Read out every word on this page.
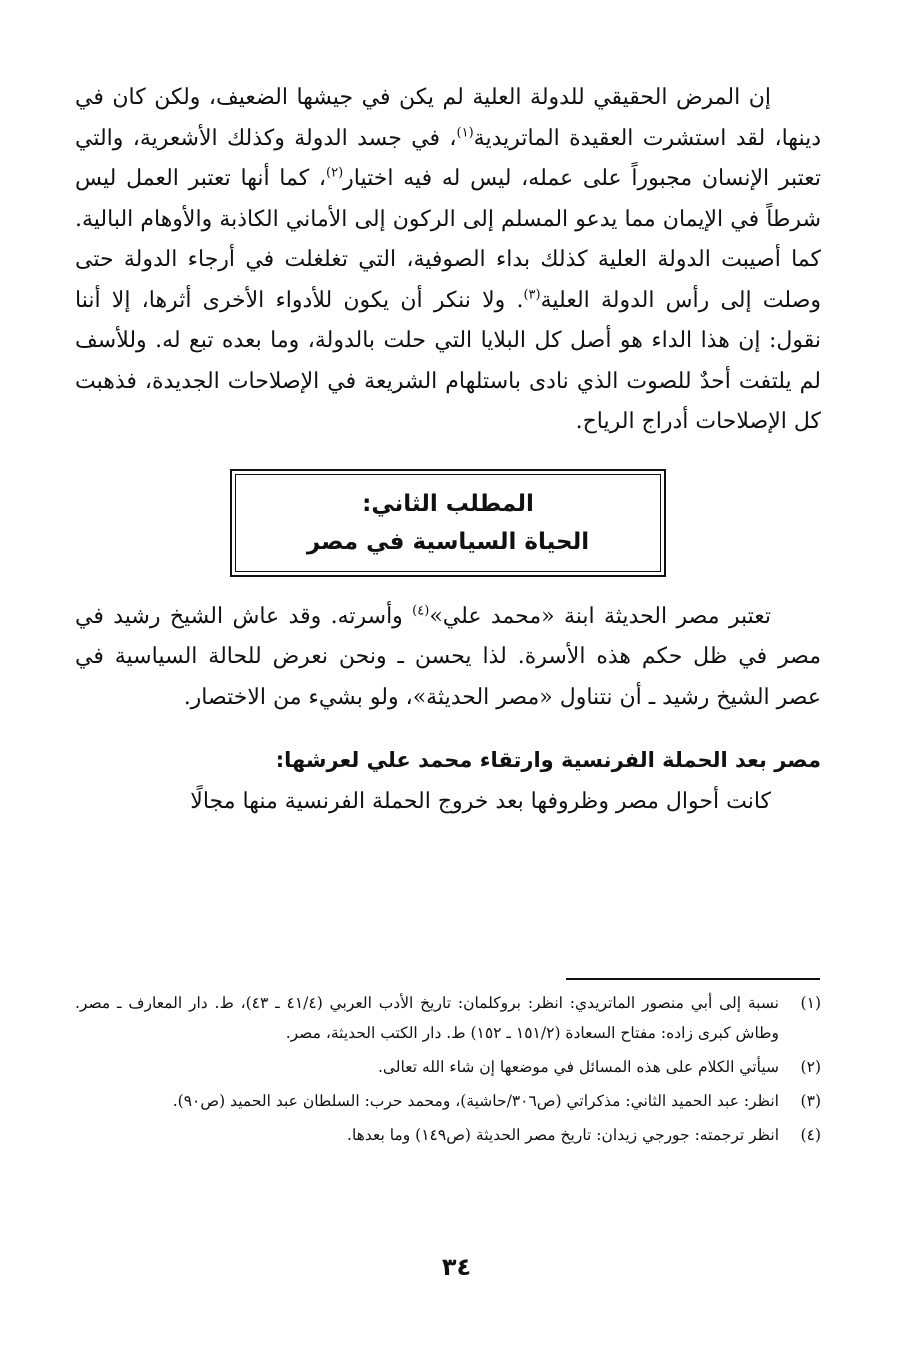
إن المرض الحقيقي للدولة العلية لم يكن في جيشها الضعيف، ولكن كان في دينها، لقد استشرت العقيدة الماتريدية$^{(١)}$، في جسد الدولة وكذلك الأشعرية، والتي تعتبر الإنسان مجبوراً على عمله، ليس له فيه اختيار$^{(٢)}$، كما أنها تعتبر العمل ليس شرطاً في الإيمان مما يدعو المسلم إلى الركون إلى الأماني الكاذبة والأوهام البالية. كما أصيبت الدولة العلية كذلك بداء الصوفية، التي تغلغلت في أرجاء الدولة حتى وصلت إلى رأس الدولة العلية$^{(٣)}$. ولا ننكر أن يكون للأدواء الأخرى أثرها، إلا أننا نقول: إن هذا الداء هو أصل كل البلايا التي حلت بالدولة، وما بعده تبع له. وللأسف لم يلتفت أحدٌ للصوت الذي نادى باستلهام الشريعة في الإصلاحات الجديدة، فذهبت كل الإصلاحات أدراج الرياح.

المطلب الثاني:
الحياة السياسية في مصر

تعتبر مصر الحديثة ابنة «محمد علي»$^{(٤)}$ وأسرته. وقد عاش الشيخ رشيد في مصر في ظل حكم هذه الأسرة. لذا يحسن ـ ونحن نعرض للحالة السياسية في عصر الشيخ رشيد ـ أن نتناول «مصر الحديثة»، ولو بشيء من الاختصار.

مصر بعد الحملة الفرنسية وارتقاء محمد علي لعرشها:

كانت أحوال مصر وظروفها بعد خروج الحملة الفرنسية منها مجالًا

(١)
نسبة إلى أبي منصور الماتريدي: انظر: بروكلمان: تاريخ الأدب العربي (٤١/٤ ـ ٤٣)، ط. دار المعارف ـ مصر. وطاش كبرى زاده: مفتاح السعادة (١٥١/٢ ـ ١٥٢) ط. دار الكتب الحديثة، مصر.
(٢)
سيأتي الكلام على هذه المسائل في موضعها إن شاء الله تعالى.
(٣)
انظر: عبد الحميد الثاني: مذكراتي (ص٣٠٦/حاشية)، ومحمد حرب: السلطان عبد الحميد (ص٩٠).
(٤)
انظر ترجمته: جورجي زيدان: تاريخ مصر الحديثة (ص١٤٩) وما بعدها.
٣٤
